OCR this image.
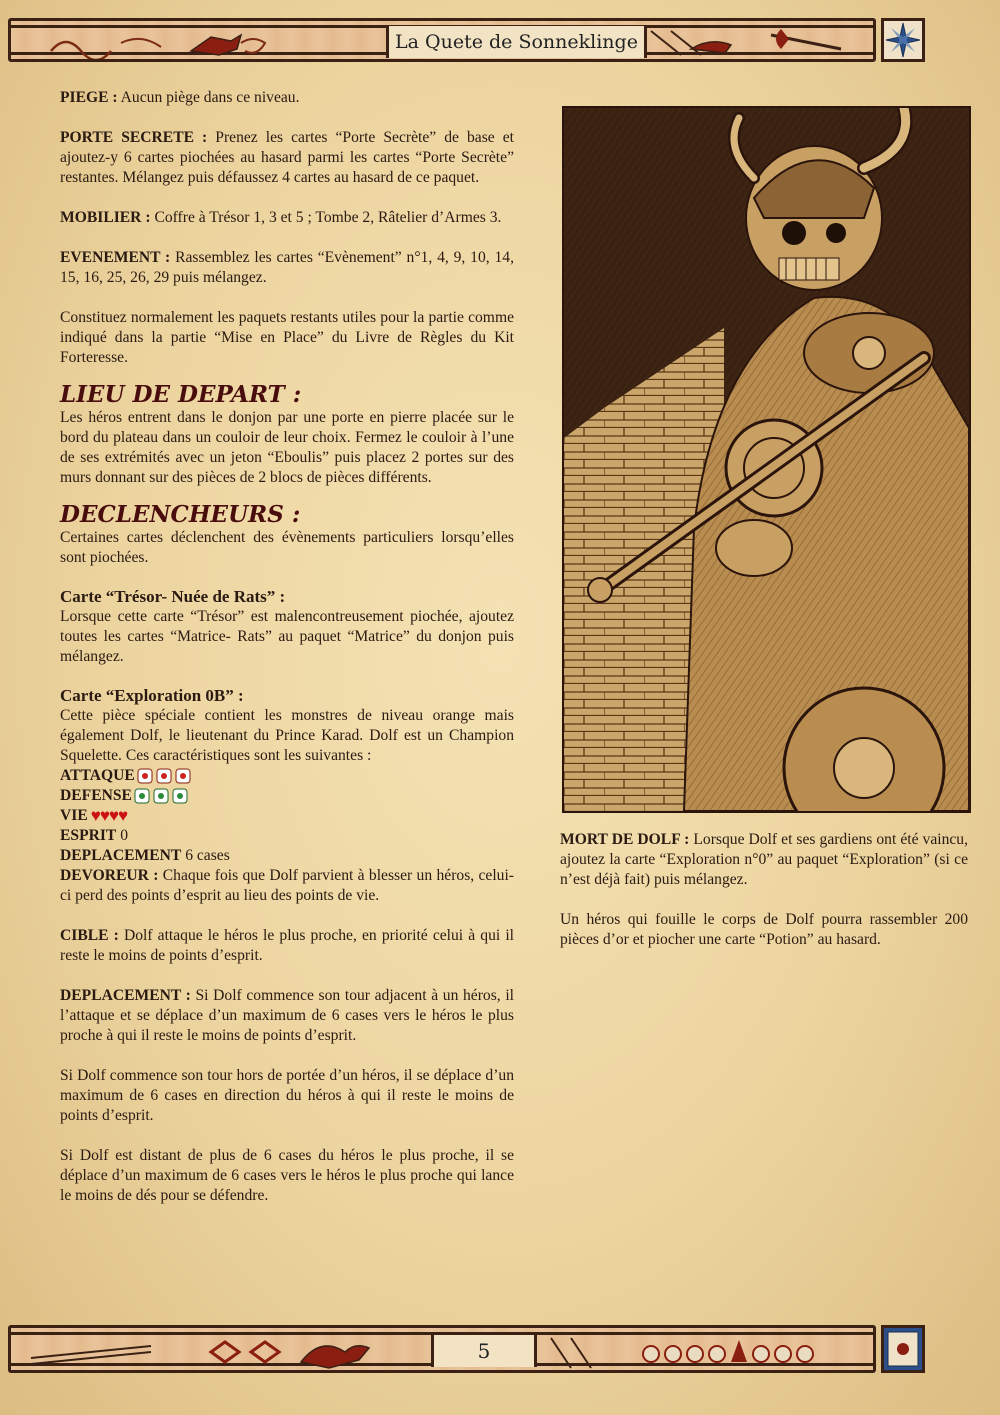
La Quete de Sonneklinge

PIEGE : Aucun piège dans ce niveau.

PORTE SECRETE : Prenez les cartes “Porte Secrète” de base et ajoutez-y 6 cartes piochées au hasard parmi les cartes “Porte Secrète” restantes. Mélangez puis défaussez 4 cartes au hasard de ce paquet.

MOBILIER : Coffre à Trésor 1, 3 et 5 ; Tombe 2, Râtelier d’Armes 3.

EVENEMENT : Rassemblez les cartes “Evènement” n°1, 4, 9, 10, 14, 15, 16, 25, 26, 29 puis mélangez.

Constituez normalement les paquets restants utiles pour la partie comme indiqué dans la partie “Mise en Place” du Livre de Règles du Kit Forteresse.

LIEU DE DEPART :

Les héros entrent dans le donjon par une porte en pierre placée sur le bord du plateau dans un couloir de leur choix. Fermez le couloir à l’une de ses extrémités avec un jeton “Eboulis” puis placez 2 portes sur des murs donnant sur des pièces de 2 blocs de pièces différents.

DECLENCHEURS :

Certaines cartes déclenchent des évènements particuliers lorsqu’elles sont piochées.

Carte “Trésor- Nuée de Rats” :

Lorsque cette carte “Trésor” est malencontreusement piochée, ajoutez toutes les cartes “Matrice- Rats” au paquet “Matrice” du donjon puis mélangez.

Carte “Exploration 0B” :

Cette pièce spéciale contient les monstres de niveau orange mais également Dolf, le lieutenant du Prince Karad. Dolf est un Champion Squelette. Ces caractéristiques sont les suivantes :

ATTAQUE
DEFENSE
VIE ♥♥♥♥
ESPRIT 0
DEPLACEMENT 6 cases

DEVOREUR : Chaque fois que Dolf parvient à blesser un héros, celui-ci perd des points d’esprit au lieu des points de vie.

CIBLE : Dolf attaque le héros le plus proche, en priorité celui à qui il reste le moins de points d’esprit.

DEPLACEMENT : Si Dolf commence son tour adjacent à un héros, il l’attaque et se déplace d’un maximum de 6 cases vers le héros le plus proche à qui il reste le moins de points d’esprit.

Si Dolf commence son tour hors de portée d’un héros, il se déplace d’un maximum de 6 cases en direction du héros à qui il reste le moins de points d’esprit.

Si Dolf est distant de plus de 6 cases du héros le plus proche, il se déplace d’un maximum de 6 cases vers le héros le plus proche qui lance le moins de dés pour se défendre.

MORT DE DOLF : Lorsque Dolf et ses gardiens ont été vaincu, ajoutez la carte “Exploration n°0” au paquet “Exploration” (si ce n’est déjà fait) puis mélangez.

Un héros qui fouille le corps de Dolf pourra rassembler 200 pièces d’or et piocher une carte “Potion” au hasard.

5
